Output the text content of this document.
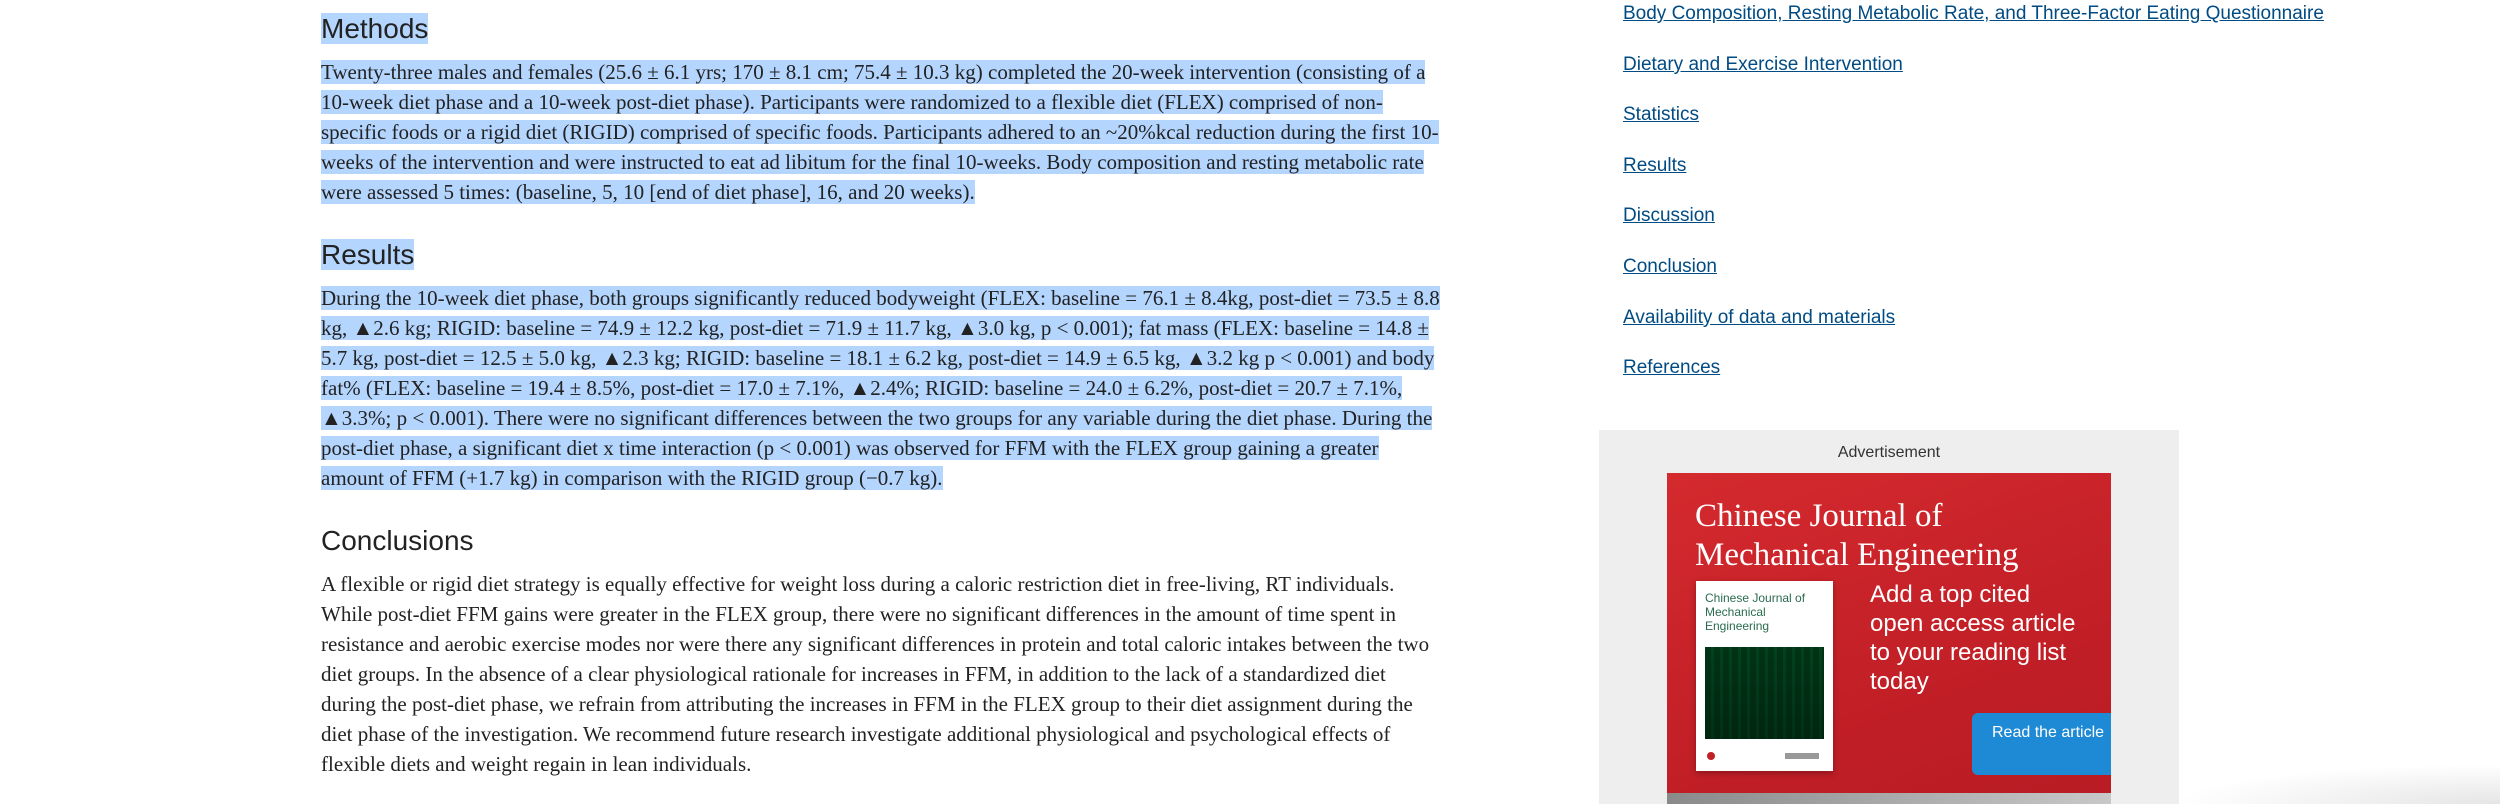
Methods

Twenty-three males and females (25.6 ± 6.1 yrs; 170 ± 8.1 cm; 75.4 ± 10.3 kg) completed the 20-week intervention (consisting of a 10-week diet phase and a 10-week post-diet phase). Participants were randomized to a flexible diet (FLEX) comprised of non-specific foods or a rigid diet (RIGID) comprised of specific foods. Participants adhered to an ~20%kcal reduction during the first 10-weeks of the intervention and were instructed to eat ad libitum for the final 10-weeks. Body composition and resting metabolic rate were assessed 5 times: (baseline, 5, 10 [end of diet phase], 16, and 20 weeks).

Results

During the 10-week diet phase, both groups significantly reduced bodyweight (FLEX: baseline = 76.1 ± 8.4kg, post-diet = 73.5 ± 8.8 kg, ▲2.6 kg; RIGID: baseline = 74.9 ± 12.2 kg, post-diet = 71.9 ± 11.7 kg, ▲3.0 kg, p < 0.001); fat mass (FLEX: baseline = 14.8 ± 5.7 kg, post-diet = 12.5 ± 5.0 kg, ▲2.3 kg; RIGID: baseline = 18.1 ± 6.2 kg, post-diet = 14.9 ± 6.5 kg, ▲3.2 kg p < 0.001) and body fat% (FLEX: baseline = 19.4 ± 8.5%, post-diet = 17.0 ± 7.1%, ▲2.4%; RIGID: baseline = 24.0 ± 6.2%, post-diet = 20.7 ± 7.1%, ▲3.3%; p < 0.001). There were no significant differences between the two groups for any variable during the diet phase. During the post-diet phase, a significant diet x time interaction (p < 0.001) was observed for FFM with the FLEX group gaining a greater amount of FFM (+1.7 kg) in comparison with the RIGID group (−0.7 kg).

Conclusions

A flexible or rigid diet strategy is equally effective for weight loss during a caloric restriction diet in free-living, RT individuals. While post-diet FFM gains were greater in the FLEX group, there were no significant differences in the amount of time spent in resistance and aerobic exercise modes nor were there any significant differences in protein and total caloric intakes between the two diet groups. In the absence of a clear physiological rationale for increases in FFM, in addition to the lack of a standardized diet during the post-diet phase, we refrain from attributing the increases in FFM in the FLEX group to their diet assignment during the diet phase of the investigation. We recommend future research investigate additional physiological and psychological effects of flexible diets and weight regain in lean individuals.

Body Composition, Resting Metabolic Rate, and Three-Factor Eating Questionnaire
Dietary and Exercise Intervention
Statistics
Results
Discussion
Conclusion
Availability of data and materials
References
Advertisement
Chinese Journal of Mechanical Engineering
Chinese Journal of Mechanical Engineering
Add a top cited open access article to your reading list today
Read the article
